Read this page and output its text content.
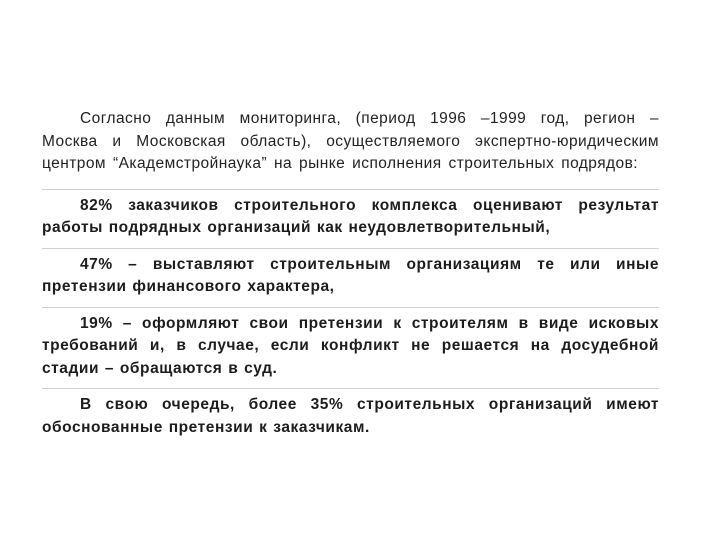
Согласно данным мониторинга, (период 1996 –1999 год, регион – Москва и Московская область), осуществляемого экспертно-юридическим центром “Академстройнаука” на рынке исполнения строительных подрядов:

82% заказчиков строительного комплекса оценивают результат работы подрядных организаций как неудовлетворительный,

47% – выставляют строительным организациям те или иные претензии финансового характера,

19% – оформляют свои претензии к строителям в виде исковых требований и, в случае, если конфликт не решается на досудебной стадии – обращаются в суд.

В свою очередь, более 35% строительных организаций имеют обоснованные претензии к заказчикам.
